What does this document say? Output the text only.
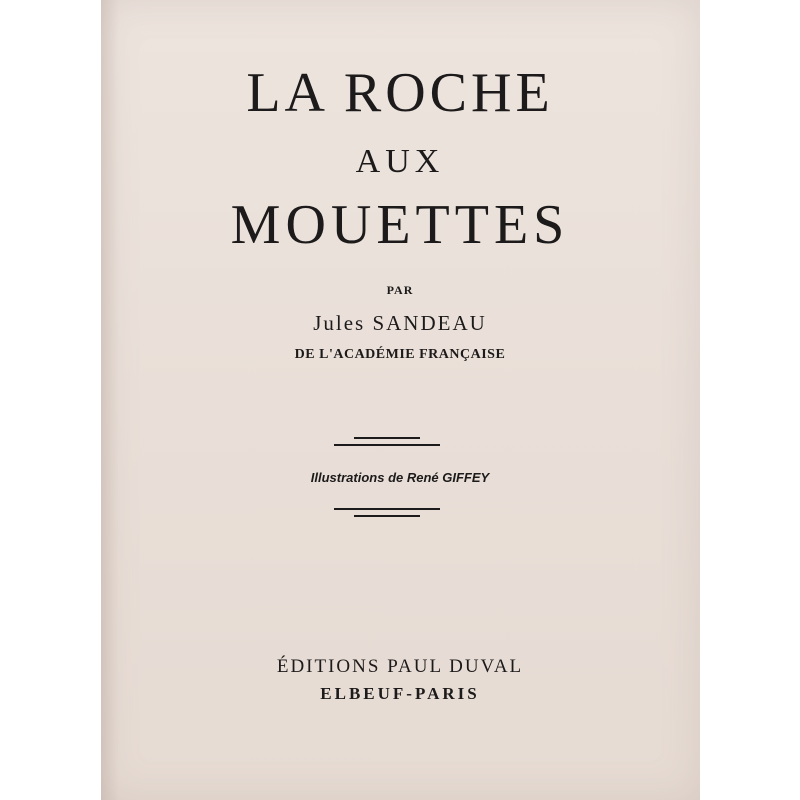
LA ROCHE
AUX
MOUETTES
PAR
Jules SANDEAU
DE L'ACADÉMIE FRANÇAISE
Illustrations de René GIFFEY
ÉDITIONS PAUL DUVAL
ELBEUF-PARIS
